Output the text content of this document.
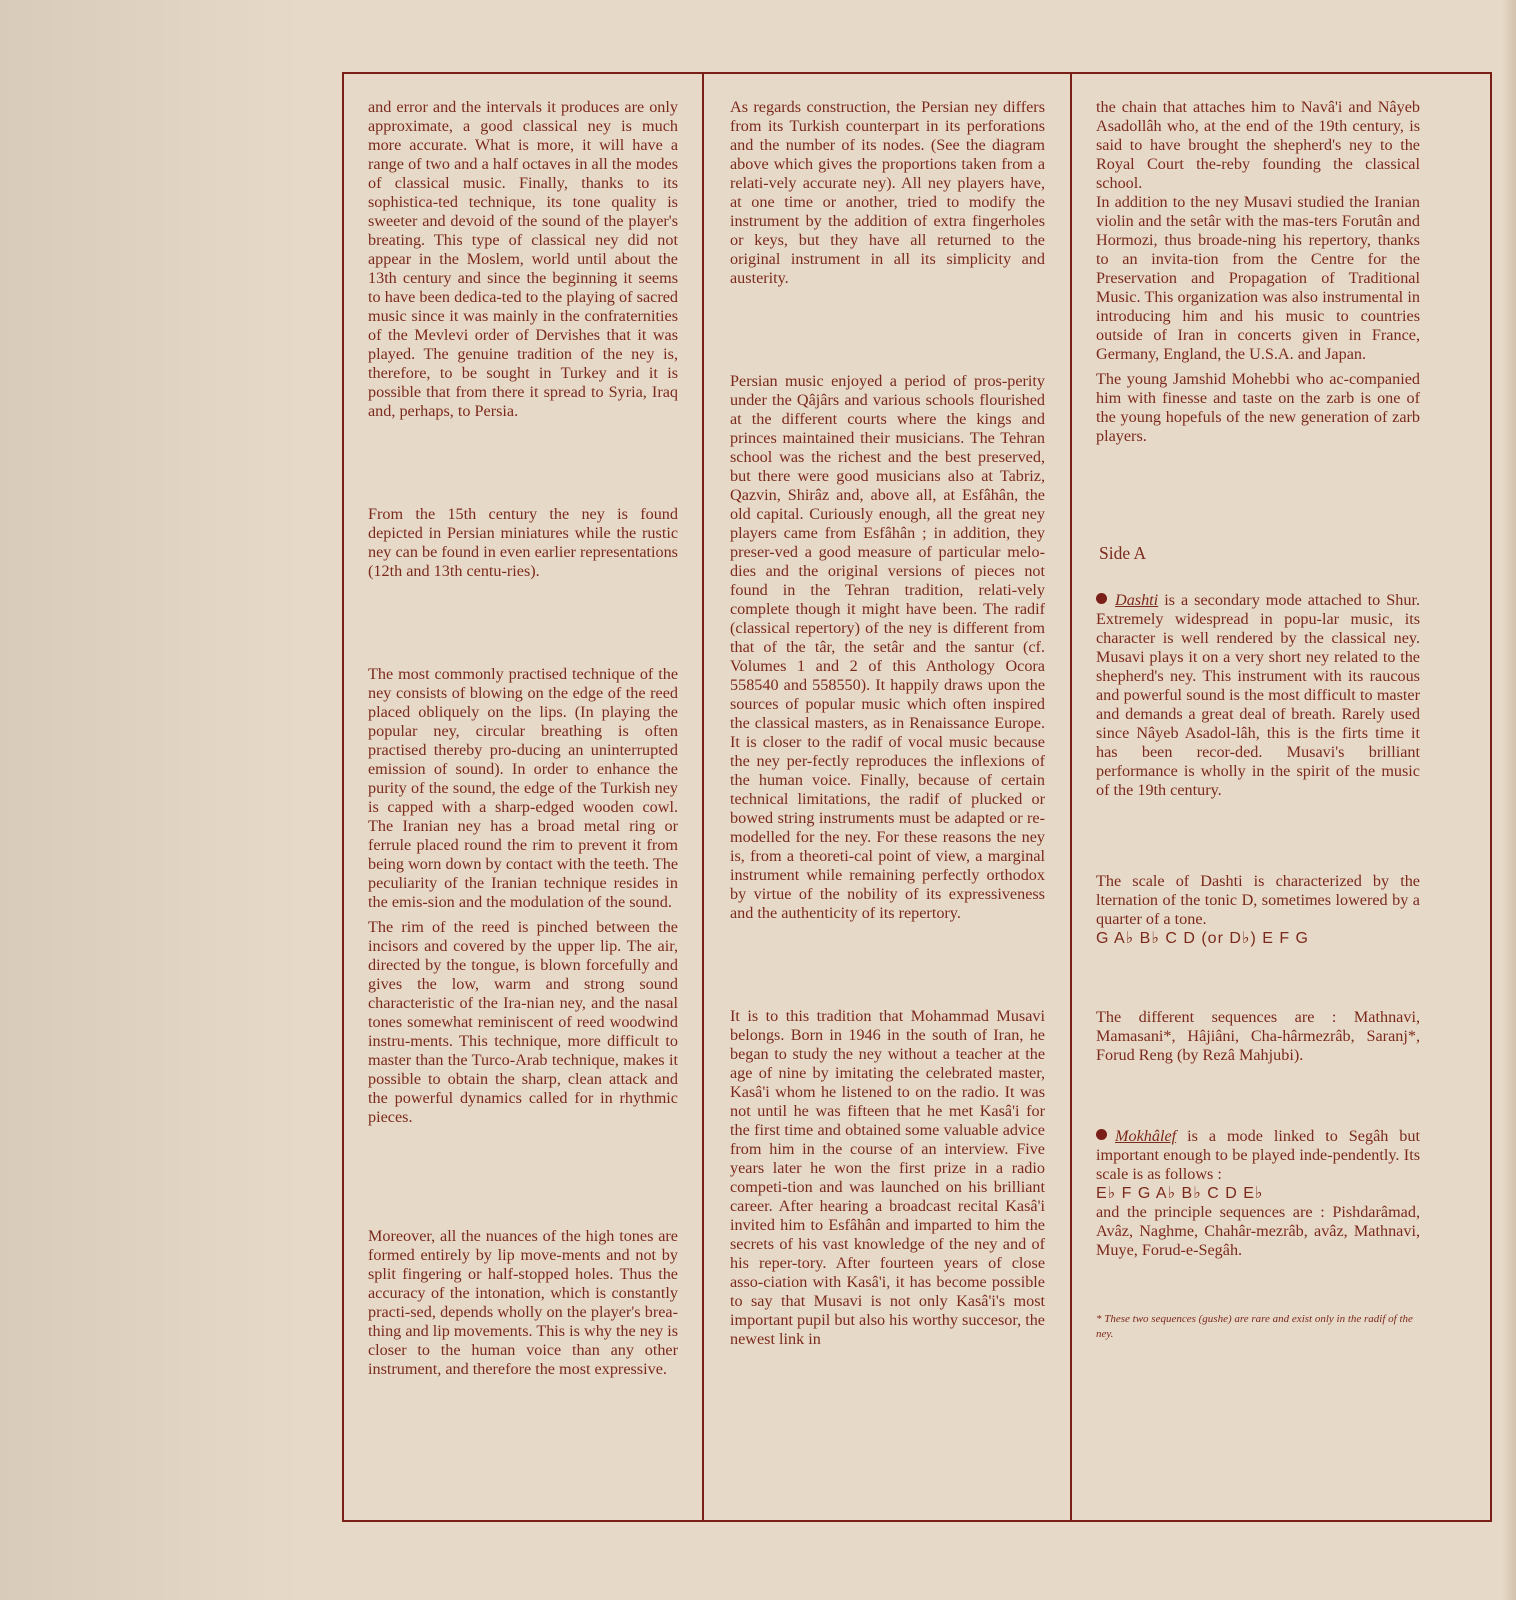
and error and the intervals it produces are only approximate, a good classical ney is much more accurate. What is more, it will have a range of two and a half octaves in all the modes of classical music. Finally, thanks to its sophistica-ted technique, its tone quality is sweeter and devoid of the sound of the player's breating. This type of classical ney did not appear in the Moslem, world until about the 13th century and since the beginning it seems to have been dedica-ted to the playing of sacred music since it was mainly in the confraternities of the Mevlevi order of Dervishes that it was played. The genuine tradition of the ney is, therefore, to be sought in Turkey and it is possible that from there it spread to Syria, Iraq and, perhaps, to Persia.

From the 15th century the ney is found depicted in Persian miniatures while the rustic ney can be found in even earlier representations (12th and 13th centu-ries).

The most commonly practised technique of the ney consists of blowing on the edge of the reed placed obliquely on the lips. (In playing the popular ney, circular breathing is often practised thereby pro-ducing an uninterrupted emission of sound). In order to enhance the purity of the sound, the edge of the Turkish ney is capped with a sharp-edged wooden cowl. The Iranian ney has a broad metal ring or ferrule placed round the rim to prevent it from being worn down by contact with the teeth. The peculiarity of the Iranian technique resides in the emis-sion and the modulation of the sound.

The rim of the reed is pinched between the incisors and covered by the upper lip. The air, directed by the tongue, is blown forcefully and gives the low, warm and strong sound characteristic of the Ira-nian ney, and the nasal tones somewhat reminiscent of reed woodwind instru-ments. This technique, more difficult to master than the Turco-Arab technique, makes it possible to obtain the sharp, clean attack and the powerful dynamics called for in rhythmic pieces.

Moreover, all the nuances of the high tones are formed entirely by lip move-ments and not by split fingering or half-stopped holes. Thus the accuracy of the intonation, which is constantly practi-sed, depends wholly on the player's brea-thing and lip movements. This is why the ney is closer to the human voice than any other instrument, and therefore the most expressive.

As regards construction, the Persian ney differs from its Turkish counterpart in its perforations and the number of its nodes. (See the diagram above which gives the proportions taken from a relati-vely accurate ney). All ney players have, at one time or another, tried to modify the instrument by the addition of extra fingerholes or keys, but they have all returned to the original instrument in all its simplicity and austerity.

Persian music enjoyed a period of pros-perity under the Qâjârs and various schools flourished at the different courts where the kings and princes maintained their musicians. The Tehran school was the richest and the best preserved, but there were good musicians also at Tabriz, Qazvin, Shirâz and, above all, at Esfâhân, the old capital. Curiously enough, all the great ney players came from Esfâhân ; in addition, they preser-ved a good measure of particular melo-dies and the original versions of pieces not found in the Tehran tradition, relati-vely complete though it might have been. The radif (classical repertory) of the ney is different from that of the târ, the setâr and the santur (cf. Volumes 1 and 2 of this Anthology Ocora 558540 and 558550). It happily draws upon the sources of popular music which often inspired the classical masters, as in Renaissance Europe. It is closer to the radif of vocal music because the ney per-fectly reproduces the inflexions of the human voice. Finally, because of certain technical limitations, the radif of plucked or bowed string instruments must be adapted or re-modelled for the ney. For these reasons the ney is, from a theoreti-cal point of view, a marginal instrument while remaining perfectly orthodox by virtue of the nobility of its expressiveness and the authenticity of its repertory.

It is to this tradition that Mohammad Musavi belongs. Born in 1946 in the south of Iran, he began to study the ney without a teacher at the age of nine by imitating the celebrated master, Kasâ'i whom he listened to on the radio. It was not until he was fifteen that he met Kasâ'i for the first time and obtained some valuable advice from him in the course of an interview. Five years later he won the first prize in a radio competi-tion and was launched on his brilliant career. After hearing a broadcast recital Kasâ'i invited him to Esfâhân and imparted to him the secrets of his vast knowledge of the ney and of his reper-tory. After fourteen years of close asso-ciation with Kasâ'i, it has become possible to say that Musavi is not only Kasâ'i's most important pupil but also his worthy succesor, the newest link in

the chain that attaches him to Navâ'i and Nâyeb Asadollâh who, at the end of the 19th century, is said to have brought the shepherd's ney to the Royal Court the-reby founding the classical school.

In addition to the ney Musavi studied the Iranian violin and the setâr with the mas-ters Forutân and Hormozi, thus broade-ning his repertory, thanks to an invita-tion from the Centre for the Preservation and Propagation of Traditional Music. This organization was also instrumental in introducing him and his music to countries outside of Iran in concerts given in France, Germany, England, the U.S.A. and Japan.

The young Jamshid Mohebbi who ac-companied him with finesse and taste on the zarb is one of the young hopefuls of the new generation of zarb players.

Side A

Dashti is a secondary mode attached to Shur. Extremely widespread in popu-lar music, its character is well rendered by the classical ney. Musavi plays it on a very short ney related to the shepherd's ney. This instrument with its raucous and powerful sound is the most difficult to master and demands a great deal of breath. Rarely used since Nâyeb Asadol-lâh, this is the firts time it has been recor-ded. Musavi's brilliant performance is wholly in the spirit of the music of the 19th century.

The scale of Dashti is characterized by the lternation of the tonic D, sometimes lowered by a quarter of a tone.

G A♭ B♭ C D (or D♭) E F G

The different sequences are : Mathnavi, Mamasani*, Hâjiâni, Cha-hârmezrâb, Saranj*, Forud Reng (by Rezâ Mahjubi).

Mokhâlef is a mode linked to Segâh but important enough to be played inde-pendently. Its scale is as follows :

E♭ F G A♭ B♭ C D E♭

and the principle sequences are : Pishdarâmad, Avâz, Naghme, Chahâr-mezrâb, avâz, Mathnavi, Muye, Forud-e-Segâh.

* These two sequences (gushe) are rare and exist only in the radif of the ney.
